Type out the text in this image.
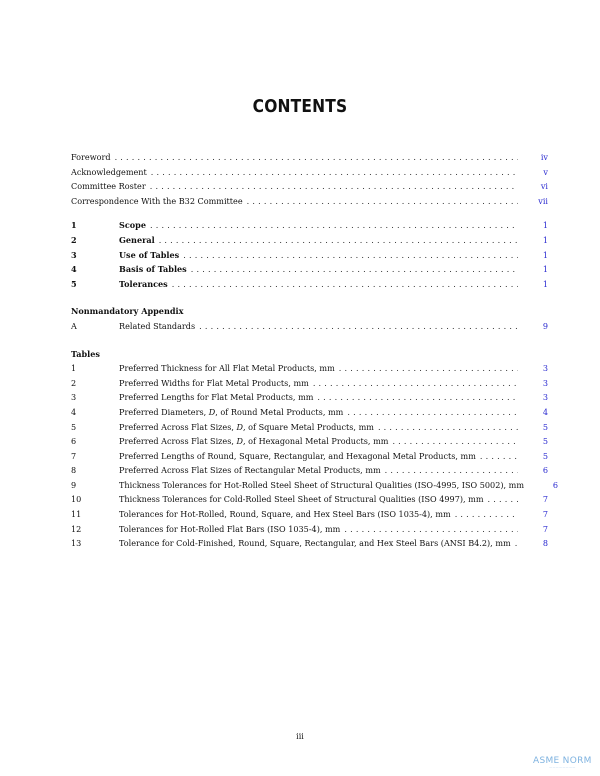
CONTENTS
Foreword . . .	iv
Acknowledgement . . .	v
Committee Roster . . .	vi
Correspondence With the B32 Committee . . .	vii
1	Scope . . .	1
2	General . . .	1
3	Use of Tables . . .	1
4	Basis of Tables . . .	1
5	Tolerances . . .	1
Nonmandatory Appendix
A	Related Standards . . .	9
Tables
1	Preferred Thickness for All Flat Metal Products, mm . . .	3
2	Preferred Widths for Flat Metal Products, mm . . .	3
3	Preferred Lengths for Flat Metal Products, mm . . .	3
4	Preferred Diameters, D, of Round Metal Products, mm . . .	4
5	Preferred Across Flat Sizes, D, of Square Metal Products, mm . . .	5
6	Preferred Across Flat Sizes, D, of Hexagonal Metal Products, mm . . .	5
7	Preferred Lengths of Round, Square, Rectangular, and Hexagonal Metal Products, mm . . .	5
8	Preferred Across Flat Sizes of Rectangular Metal Products, mm . . .	6
9	Thickness Tolerances for Hot-Rolled Steel Sheet of Structural Qualities (ISO-4995, ISO 5002), mm	6
10	Thickness Tolerances for Cold-Rolled Steel Sheet of Structural Qualities (ISO 4997), mm . . .	7
11	Tolerances for Hot-Rolled, Round, Square, and Hex Steel Bars (ISO 1035-4), mm . . .	7
12	Tolerances for Hot-Rolled Flat Bars (ISO 1035-4), mm . . .	7
13	Tolerance for Cold-Finished, Round, Square, Rectangular, and Hex Steel Bars (ANSI B4.2), mm . . .	8
iii
ASME NORM
————————
